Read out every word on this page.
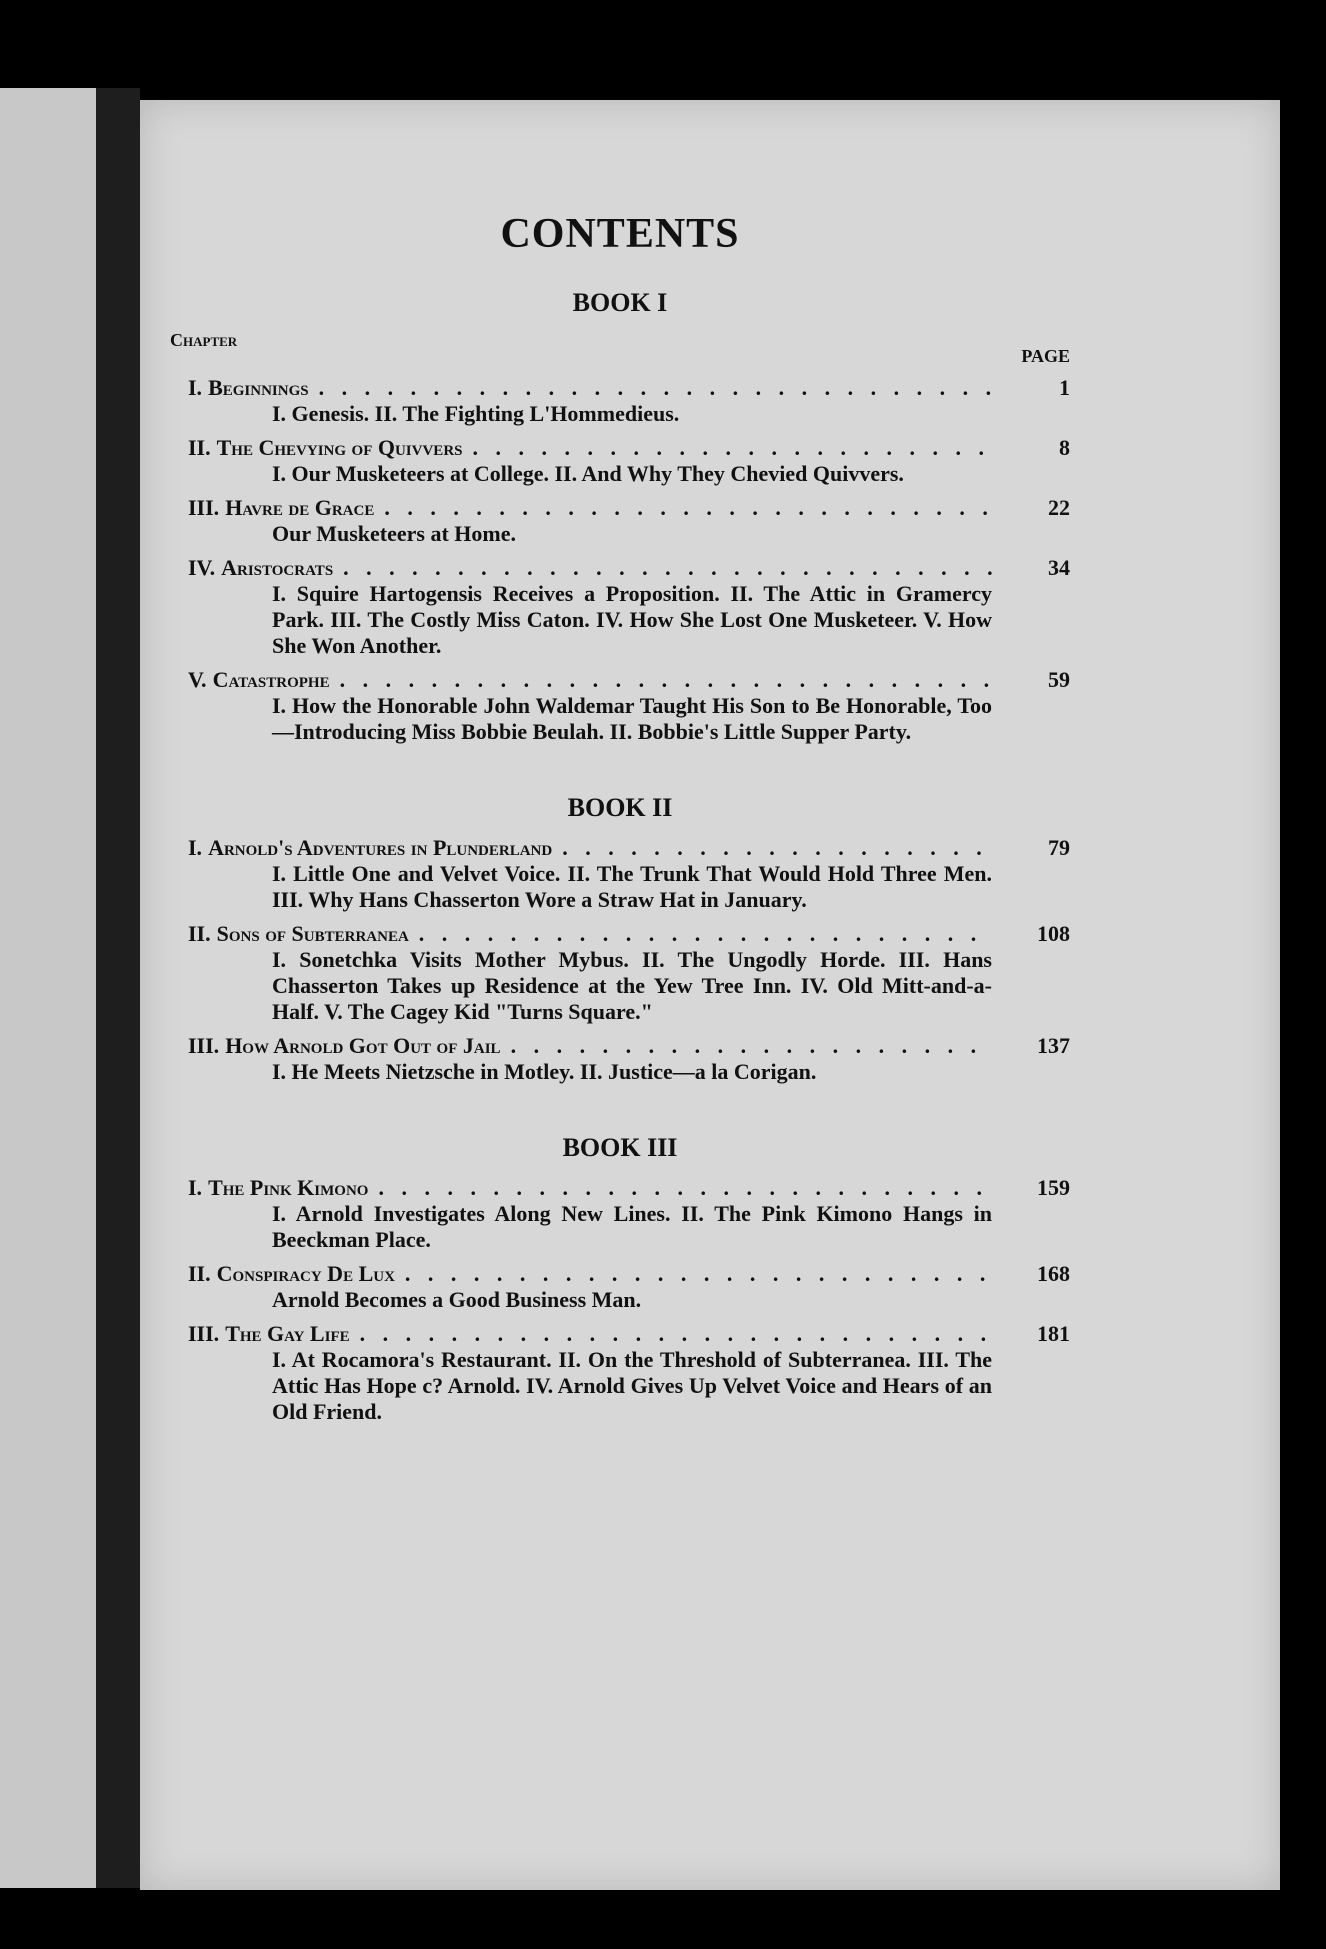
CONTENTS
BOOK I
Chapter
PAGE
I. Beginnings . . .	1
I. Genesis. II. The Fighting L'Hommedieus.
II. The Chevying of Quivvers . . .	8
I. Our Musketeers at College. II. And Why They Chevied Quivvers.
III. Havre de Grace . . .	22
Our Musketeers at Home.
IV. Aristocrats . . .	34
I. Squire Hartogensis Receives a Proposition. II. The Attic in Gramercy Park. III. The Costly Miss Caton. IV. How She Lost One Musketeer. V. How She Won Another.
V. Catastrophe . . .	59
I. How the Honorable John Waldemar Taught His Son to Be Honorable, Too—Introducing Miss Bobbie Beulah. II. Bobbie's Little Supper Party.
BOOK II
I. Arnold's Adventures in Plunderland . . .	79
I. Little One and Velvet Voice. II. The Trunk That Would Hold Three Men. III. Why Hans Chasserton Wore a Straw Hat in January.
II. Sons of Subterranea . . .	108
I. Sonetchka Visits Mother Mybus. II. The Ungodly Horde. III. Hans Chasserton Takes up Residence at the Yew Tree Inn. IV. Old Mitt-and-a-Half. V. The Cagey Kid "Turns Square."
III. How Arnold Got Out of Jail . . .	137
I. He Meets Nietzsche in Motley. II. Justice—a la Corigan.
BOOK III
I. The Pink Kimono . . .	159
I. Arnold Investigates Along New Lines. II. The Pink Kimono Hangs in Beeckman Place.
II. Conspiracy De Lux . . .	168
Arnold Becomes a Good Business Man.
III. The Gay Life . . .	181
I. At Rocamora's Restaurant. II. On the Threshold of Subterranea. III. The Attic Has Hope c? Arnold. IV. Arnold Gives Up Velvet Voice and Hears of an Old Friend.
